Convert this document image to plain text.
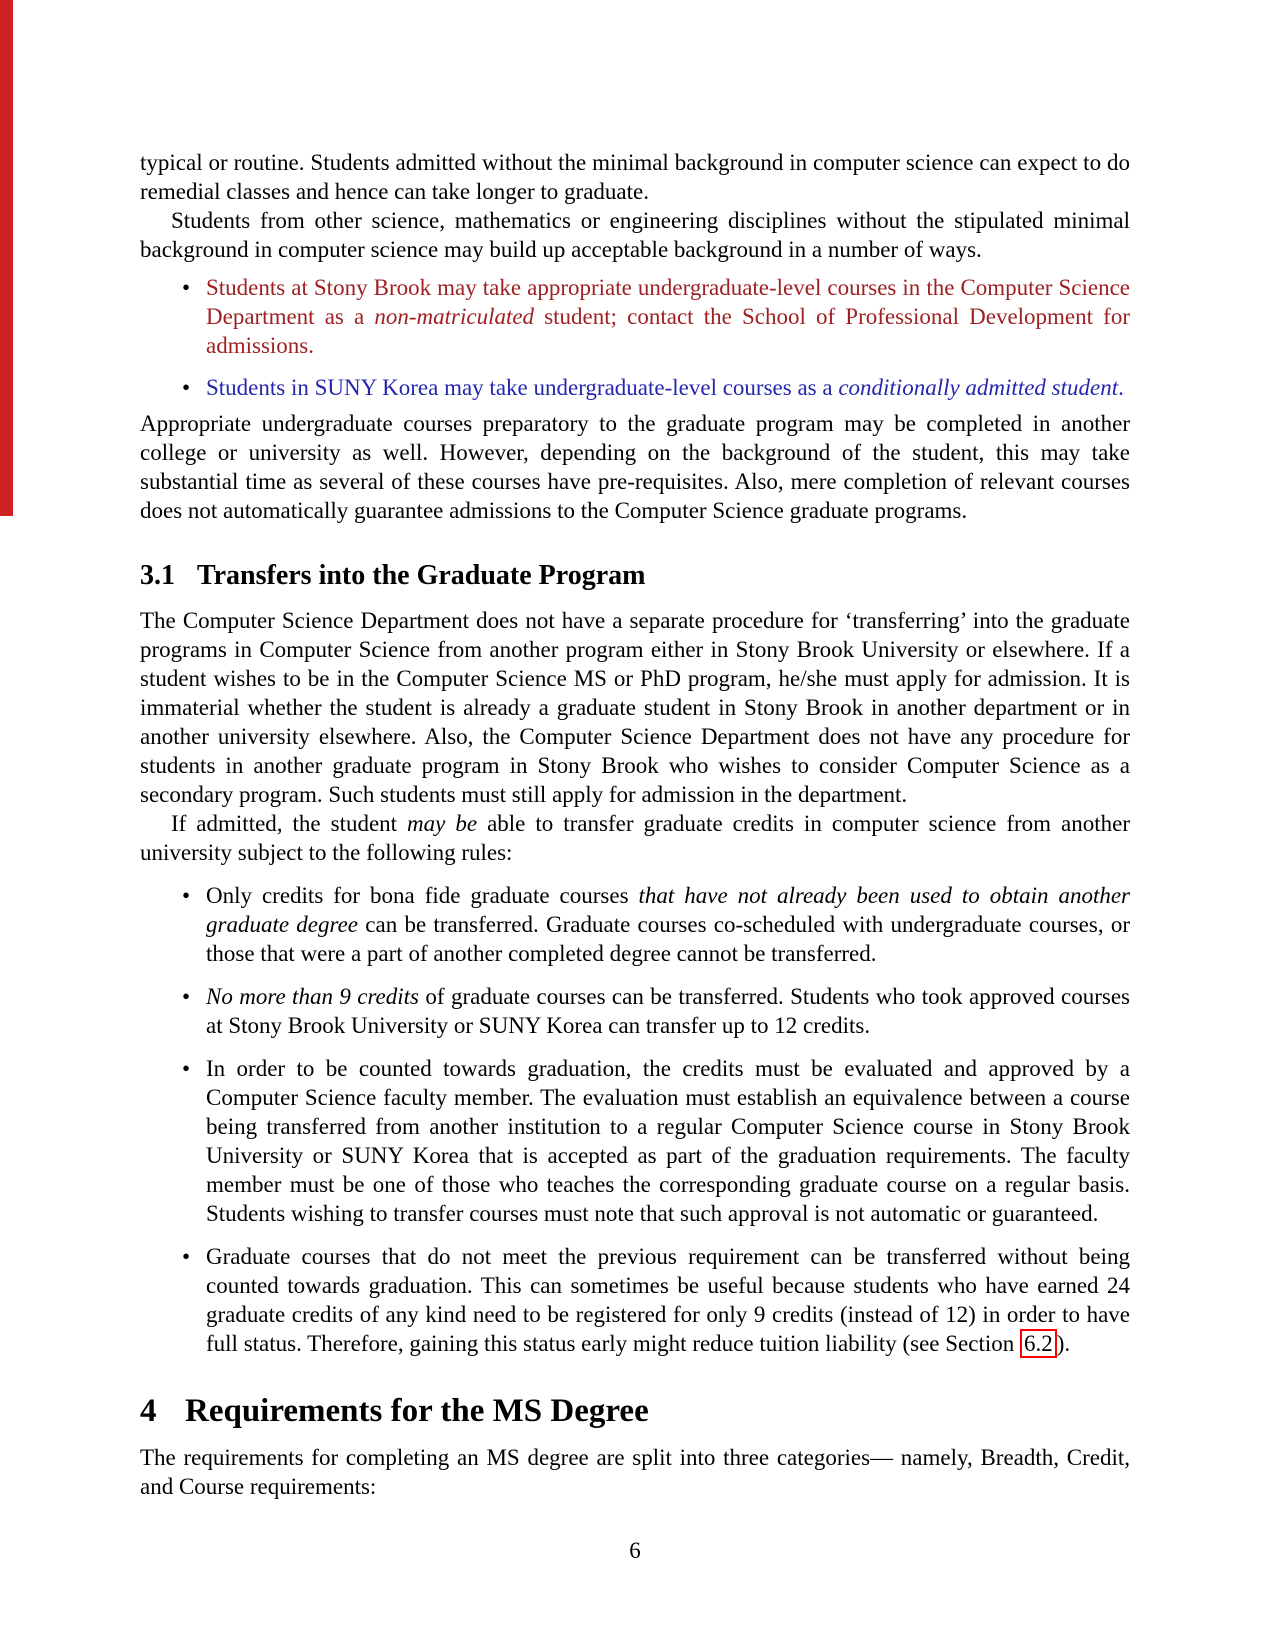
typical or routine. Students admitted without the minimal background in computer science can expect to do remedial classes and hence can take longer to graduate.

Students from other science, mathematics or engineering disciplines without the stipulated minimal background in computer science may build up acceptable background in a number of ways.

• Students at Stony Brook may take appropriate undergraduate-level courses in the Computer Science Department as a non-matriculated student; contact the School of Professional Development for admissions.
• Students in SUNY Korea may take undergraduate-level courses as a conditionally admitted student.

Appropriate undergraduate courses preparatory to the graduate program may be completed in another college or university as well. However, depending on the background of the student, this may take substantial time as several of these courses have pre-requisites. Also, mere completion of relevant courses does not automatically guarantee admissions to the Computer Science graduate programs.

3.1 Transfers into the Graduate Program

The Computer Science Department does not have a separate procedure for ‘transferring’ into the graduate programs in Computer Science from another program either in Stony Brook University or elsewhere. If a student wishes to be in the Computer Science MS or PhD program, he/she must apply for admission. It is immaterial whether the student is already a graduate student in Stony Brook in another department or in another university elsewhere. Also, the Computer Science Department does not have any procedure for students in another graduate program in Stony Brook who wishes to consider Computer Science as a secondary program. Such students must still apply for admission in the department.

If admitted, the student may be able to transfer graduate credits in computer science from another university subject to the following rules:

• Only credits for bona fide graduate courses that have not already been used to obtain another graduate degree can be transferred. Graduate courses co-scheduled with undergraduate courses, or those that were a part of another completed degree cannot be transferred.
• No more than 9 credits of graduate courses can be transferred. Students who took approved courses at Stony Brook University or SUNY Korea can transfer up to 12 credits.
• In order to be counted towards graduation, the credits must be evaluated and approved by a Computer Science faculty member. The evaluation must establish an equivalence between a course being transferred from another institution to a regular Computer Science course in Stony Brook University or SUNY Korea that is accepted as part of the graduation requirements. The faculty member must be one of those who teaches the corresponding graduate course on a regular basis. Students wishing to transfer courses must note that such approval is not automatic or guaranteed.
• Graduate courses that do not meet the previous requirement can be transferred without being counted towards graduation. This can sometimes be useful because students who have earned 24 graduate credits of any kind need to be registered for only 9 credits (instead of 12) in order to have full status. Therefore, gaining this status early might reduce tuition liability (see Section 6.2 ).
4 Requirements for the MS Degree

The requirements for completing an MS degree are split into three categories— namely, Breadth, Credit, and Course requirements:

6
